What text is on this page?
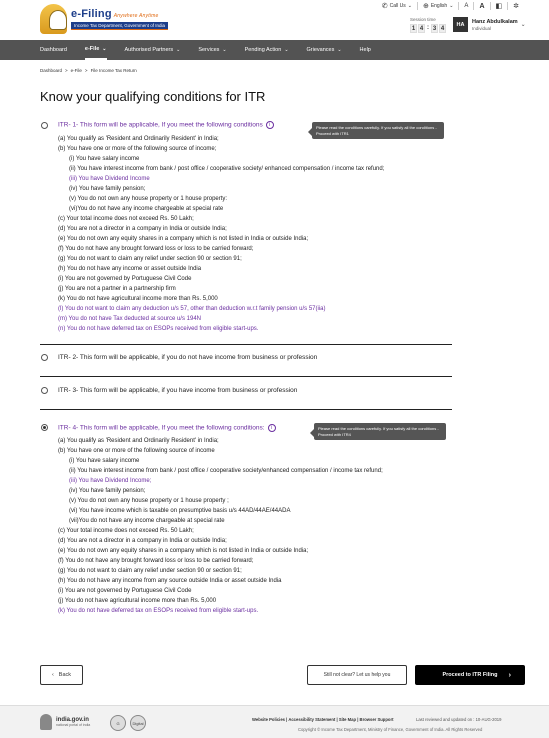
e-Filing Anywhere Anytime
Income Tax Department, Government of India
✆ Call Us ⌄ ⊕ English ⌄ A A ◧ ✲
Session time
1 4 : 3 4
HA	Hanz Abdulkalam
Individual	⌄
Dashboard	e-File ⌄	Authorised Partners ⌄	Services ⌄	Pending Action ⌄	Grievances ⌄	Help
Dashboard > e-File > File Income Tax Return
Know your qualifying conditions for ITR
ITR- 1- This form will be applicable, If you meet the following conditions i	Please read the conditions carefully. If you satisfy all the conditions - Proceed with ITR1
(a) You qualify as 'Resident and Ordinarily Resident' in India;
(b) You have one or more of the following source of income;
(i) You have salary income
(ii) You have interest income from bank / post office / cooperative society/ enhanced compensation / income tax refund;
(iii) You have Dividend Income
(iv) You have family pension;
(v) You do not own any house property or 1 house property:
(vi)You do not have any income chargeable at special rate
(c) Your total income does not exceed Rs. 50 Lakh;
(d) You are not a director in a company in India or outside India;
(e) You do not own any equity shares in a company which is not listed in India or outside India;
(f) You do not have any brought forward loss or loss to be carried forward;
(g) You do not want to claim any relief under section 90 or section 91;
(h) You do not have any income or asset outside India
(i) You are not governed by Portuguese Civil Code
(j) You are not a partner in a partnership firm
(k) You do not have agricultural income more than Rs. 5,000
(l) You do not want to claim any deduction u/s 57, other than deduction w.r.t family pension u/s 57(iia)
(m) You do not have Tax deducted at source u/s 194N
(n) You do not have deferred tax on ESOPs received from eligible start-ups.
ITR- 2- This form will be applicable, if you do not have income from business or profession
ITR- 3- This form will be applicable, if you have income from business or profession
ITR- 4- This form will be applicable, If you meet the following conditions: i	Please read the conditions carefully. If you satisfy all the conditions - Proceed with ITR4
(a) You qualify as 'Resident and Ordinarily Resident' in India;
(b) You have one or more of the following source of income
(i) You have salary income
(ii) You have interest income from bank / post office / cooperative society/enhanced compensation / income tax refund;
(iii) You have Dividend Income;
(iv) You have family pension;
(v) You do not own any house property or 1 house property ;
(vi) You have income which is taxable on presumptive basis u/s 44AD/44AE/44ADA
(vii)You do not have any income chargeable at special rate
(c) Your total income does not exceed Rs. 50 Lakh;
(d) You are not a director in a company in India or outside India;
(e) You do not own any equity shares in a company which is not listed in India or outside India;
(f) You do not have any brought forward loss or loss to be carried forward;
(g) You do not want to claim any relief under section 90 or section 91;
(h) You do not have any income from any source outside India or asset outside India
(i) You are not governed by Portuguese Civil Code
(j) You do not have agricultural income more than Rs. 5,000
(k) You do not have deferred tax on ESOPs received from eligible start-ups.
‹ Back	Still not clear? Let us help you	Proceed to ITR Filing ›
india.gov.in
national portal of india	G	Digital
Website Policies | Accessibility Statement | Site Map | Browser Support	Last reviewed and updated on : 10-AUG-2019
Copyright © Income Tax Department, Ministry of Finance, Government of India. All Rights Reserved
